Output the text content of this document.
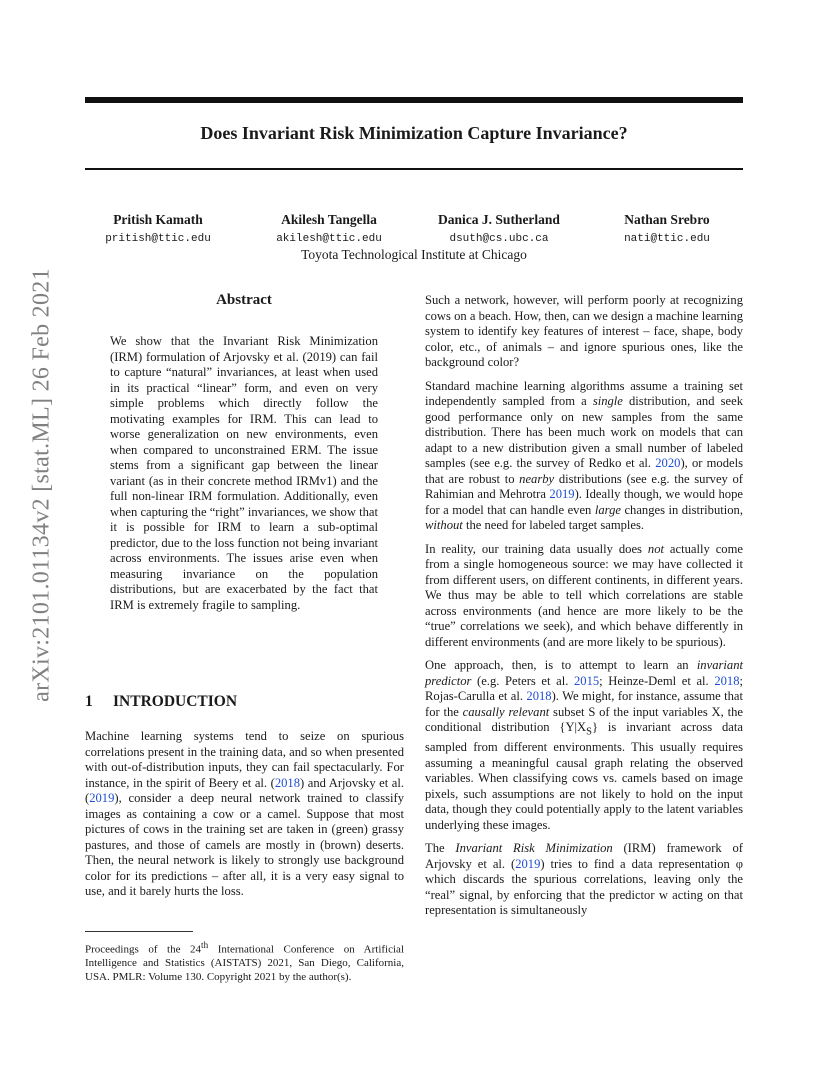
Does Invariant Risk Minimization Capture Invariance?
Pritish Kamath
pritish@ttic.edu
Akilesh Tangella
akilesh@ttic.edu
Danica J. Sutherland
dsuth@cs.ubc.ca
Nathan Srebro
nati@ttic.edu
Toyota Technological Institute at Chicago
arXiv:2101.01134v2 [stat.ML] 26 Feb 2021	Abstract
We show that the Invariant Risk Minimization (IRM) formulation of Arjovsky et al. (2019) can fail to capture “natural” invariances, at least when used in its practical “linear” form, and even on very simple problems which directly follow the motivating examples for IRM. This can lead to worse generalization on new environments, even when compared to unconstrained ERM. The issue stems from a significant gap between the linear variant (as in their concrete method IRMv1) and the full non-linear IRM formulation. Additionally, even when capturing the “right” invariances, we show that it is possible for IRM to learn a sub-optimal predictor, due to the loss function not being invariant across environments. The issues arise even when measuring invariance on the population distributions, but are exacerbated by the fact that IRM is extremely fragile to sampling.
1 INTRODUCTION
Machine learning systems tend to seize on spurious correlations present in the training data, and so when presented with out-of-distribution inputs, they can fail spectacularly. For instance, in the spirit of Beery et al. (2018) and Arjovsky et al. (2019), consider a deep neural network trained to classify images as containing a cow or a camel. Suppose that most pictures of cows in the training set are taken in (green) grassy pastures, and those of camels are mostly in (brown) deserts. Then, the neural network is likely to strongly use background color for its predictions – after all, it is a very easy signal to use, and it barely hurts the loss.
Proceedings of the 24th International Conference on Artificial Intelligence and Statistics (AISTATS) 2021, San Diego, California, USA. PMLR: Volume 130. Copyright 2021 by the author(s).

Such a network, however, will perform poorly at recognizing cows on a beach. How, then, can we design a machine learning system to identify key features of interest – face, shape, body color, etc., of animals – and ignore spurious ones, like the background color?

Standard machine learning algorithms assume a training set independently sampled from a single distribution, and seek good performance only on new samples from the same distribution. There has been much work on models that can adapt to a new distribution given a small number of labeled samples (see e.g. the survey of Redko et al. 2020), or models that are robust to nearby distributions (see e.g. the survey of Rahimian and Mehrotra 2019). Ideally though, we would hope for a model that can handle even large changes in distribution, without the need for labeled target samples.

In reality, our training data usually does not actually come from a single homogeneous source: we may have collected it from different users, on different continents, in different years. We thus may be able to tell which correlations are stable across environments (and hence are more likely to be the “true” correlations we seek), and which behave differently in different environments (and are more likely to be spurious).

One approach, then, is to attempt to learn an invariant predictor (e.g. Peters et al. 2015; Heinze-Deml et al. 2018; Rojas-Carulla et al. 2018). We might, for instance, assume that for the causally relevant subset S of the input variables X, the conditional distribution $\{Y|X_S\}$ is invariant across data sampled from different environments. This usually requires assuming a meaningful causal graph relating the observed variables. When classifying cows vs. camels based on image pixels, such assumptions are not likely to hold on the input data, though they could potentially apply to the latent variables underlying these images.

The Invariant Risk Minimization (IRM) framework of Arjovsky et al. (2019) tries to find a data representation φ which discards the spurious correlations, leaving only the “real” signal, by enforcing that the predictor w acting on that representation is simultaneously
